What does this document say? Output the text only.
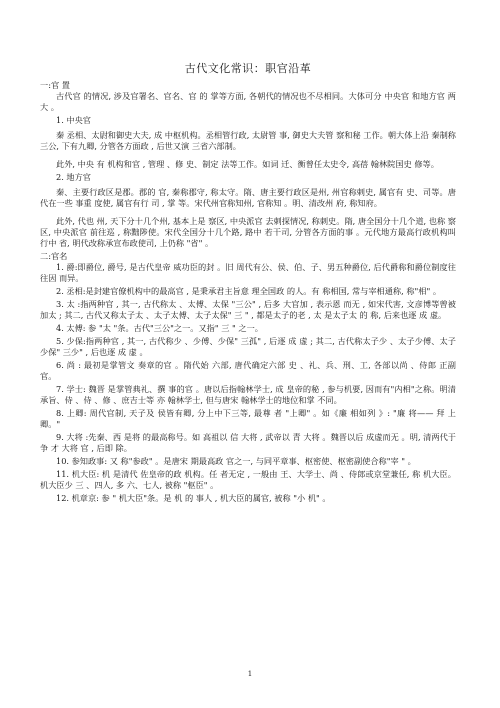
古代文化常识：职官沿革

一:官 置

古代官 的情况, 涉及官署名、官名、官 的 掌等方面, 各朝代的情况也不尽相同。大体可分 中央官 和地方官 两大 。

1. 中央官

秦 丞相、太尉和御史大夫, 成 中枢机构。丞相管行政, 太尉管 事, 御史大夫管 察和秘 工作。朝大体上沿 秦制称 三公, 下有九卿, 分管各方面政 , 后世又演 三省六部制。

此外, 中央 有 机构和官 , 管理 、修 史、制定 法等工作。如词 迁、衡曾任太史令, 高蓓 翰林院国史 修等。

2. 地方官

秦、主要行政区是郡。郡的 官, 秦称郡守, 称太守。隋、唐主要行政区是州, 州官称剌史, 属官有 史、司等。唐代在一些 事重 度使, 属官有行 司 , 掌 等。宋代州官称知州, 官称知 。明、清改州 府, 称知府。

此外, 代也 州, 天下分十几个州, 基本上是 察区, 中央派官 去刺探情况, 称刺史。隋, 唐全国分十几个道, 也称 察区, 中央派官 前往巡 , 称黜陟使。宋代全国分十几个路, 路中 若干司, 分管各方面的事 。元代地方最高行政机构叫行中 省, 明代改称承宣布政使司, 上仍称 "省" 。

二:官名

1. 爵:即爵位, 爵号, 是古代皇帝 威功臣的封 。旧 周代有公、侯、伯、子、男五种爵位, 后代爵称和爵位制度往往因 而异。

2. 丞相:是封建官僚机构中的最高官 , 是秉承君主旨意 理全国政 的人。有 称相国, 常与宰相通称, 称"相" 。

3. 太 :指两种官 , 其一, 古代称太 、太傅、太保 "三公" , 后多 大官加 , 表示恩 而无 , 如宋代害, 文彦博等曾被加太 ; 其二, 古代又称太子太 、太子太傅、太子太保" 三 " , 都是太子的老 , 太 是太子太 的 称, 后来也逐 成 虚。

4. 太傅: 参 "太 "条。古代"三公"之一。又指" 三 " 之一。

5. 少保:指两种官 , 其一, 古代称少 、少傅、少保" 三孤" , 后逐 成 虚 ; 其二, 古代称太子少 、太子少傅、太子少保" 三少" , 后也逐 成 虚 。

6. 尚 : 最初是掌管文 奏章的官 。隋代始 六部, 唐代确定六部 史 、礼、兵、刑、工, 各部以尚 、侍郎 正副 官。

7. 学士: 魏晋 是掌管典礼、撰 事的官 。唐以后指翰林学士, 成 皇帝的秘 , 参与机要, 因而有"内相"之称。明清 承旨、侍 、侍 、修 、庶吉士等 亦 翰林学士, 但与唐宋 翰林学士的地位和掌 不同。

8. 上卿: 周代官制, 天子及 侯皆有卿, 分上中下三等, 最尊 者 "上卿" 。如《廉 相如列 》: "廉 将—— 拜 上卿。"

9. 大将 :先秦、西 是将 的最高称号。如 高祖以 信 大将 , 武帝以 青 大将 。魏晋以后 成虚而无 。明, 清两代于 争 才 大将 官 , 后即 除。

10. 参知政事: 又 称"参政" 。是唐宋 期最高政 官之一, 与同平章事、枢密使、枢密副使合称"宰 " 。

11. 机大臣: 机 是清代 佐皇帝的政 机构。任 者无定 , 一般由 王、大学士、尚 、侍郎或京堂兼任, 称 机大臣。 机大臣少 三 、四人, 多 六、七人, 被称 "枢臣" 。

12. 机章京: 参 " 机大臣"条。是 机 的 事人 , 机大臣的属官, 被称 "小 机" 。

1
